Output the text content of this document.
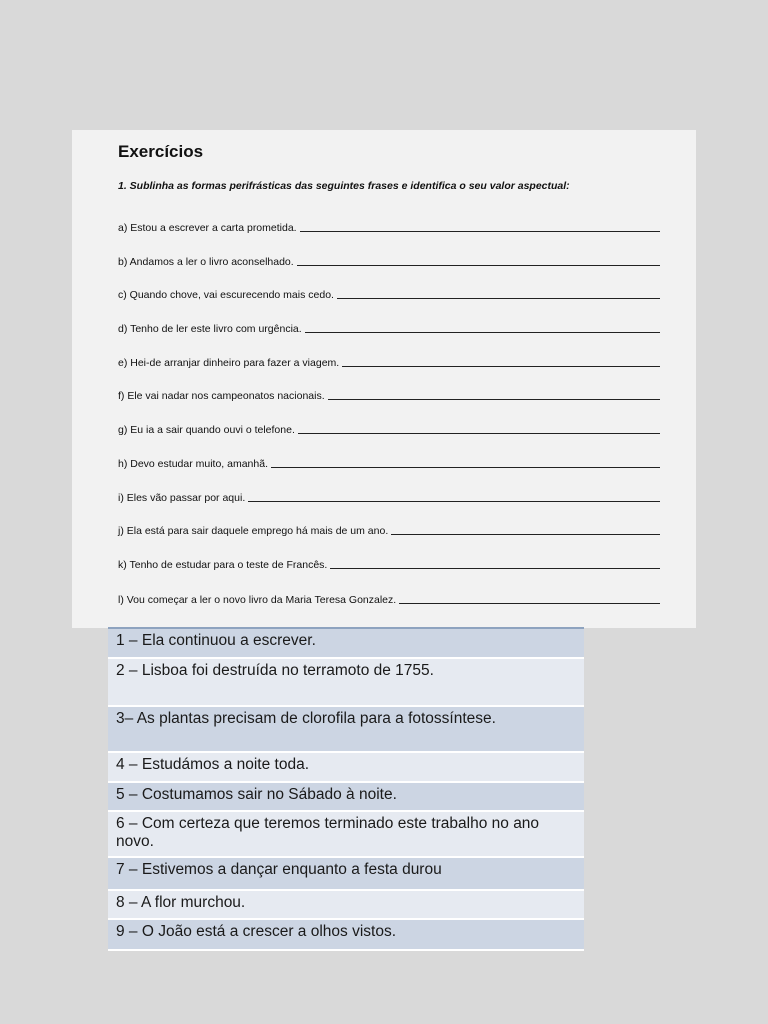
Exercícios
1. Sublinha as formas perifrásticas das seguintes frases e identifica o seu valor aspectual:
a) Estou a escrever a carta prometida.
b) Andamos a ler o livro aconselhado.
c) Quando chove, vai escurecendo mais cedo.
d) Tenho de ler este livro com urgência.
e) Hei-de arranjar dinheiro para fazer a viagem.
f) Ele vai nadar nos campeonatos nacionais.
g) Eu ia a sair quando ouvi o telefone.
h) Devo estudar muito, amanhã.
i) Eles vão passar por aqui.
j) Ela está para sair daquele emprego há mais de um ano.
k) Tenho de estudar para o teste de Francês.
l) Vou começar a ler o novo livro da Maria Teresa Gonzalez.
1 – Ela continuou a escrever.
2 – Lisboa foi destruída no terramoto de 1755.
3– As plantas precisam de clorofila para a fotossíntese.
4 – Estudámos a noite toda.
5 – Costumamos sair no Sábado à noite.
6 – Com certeza que teremos terminado este trabalho no ano novo.
7 – Estivemos a dançar enquanto a festa durou
8 – A flor murchou.
9 – O João está a crescer a olhos vistos.
